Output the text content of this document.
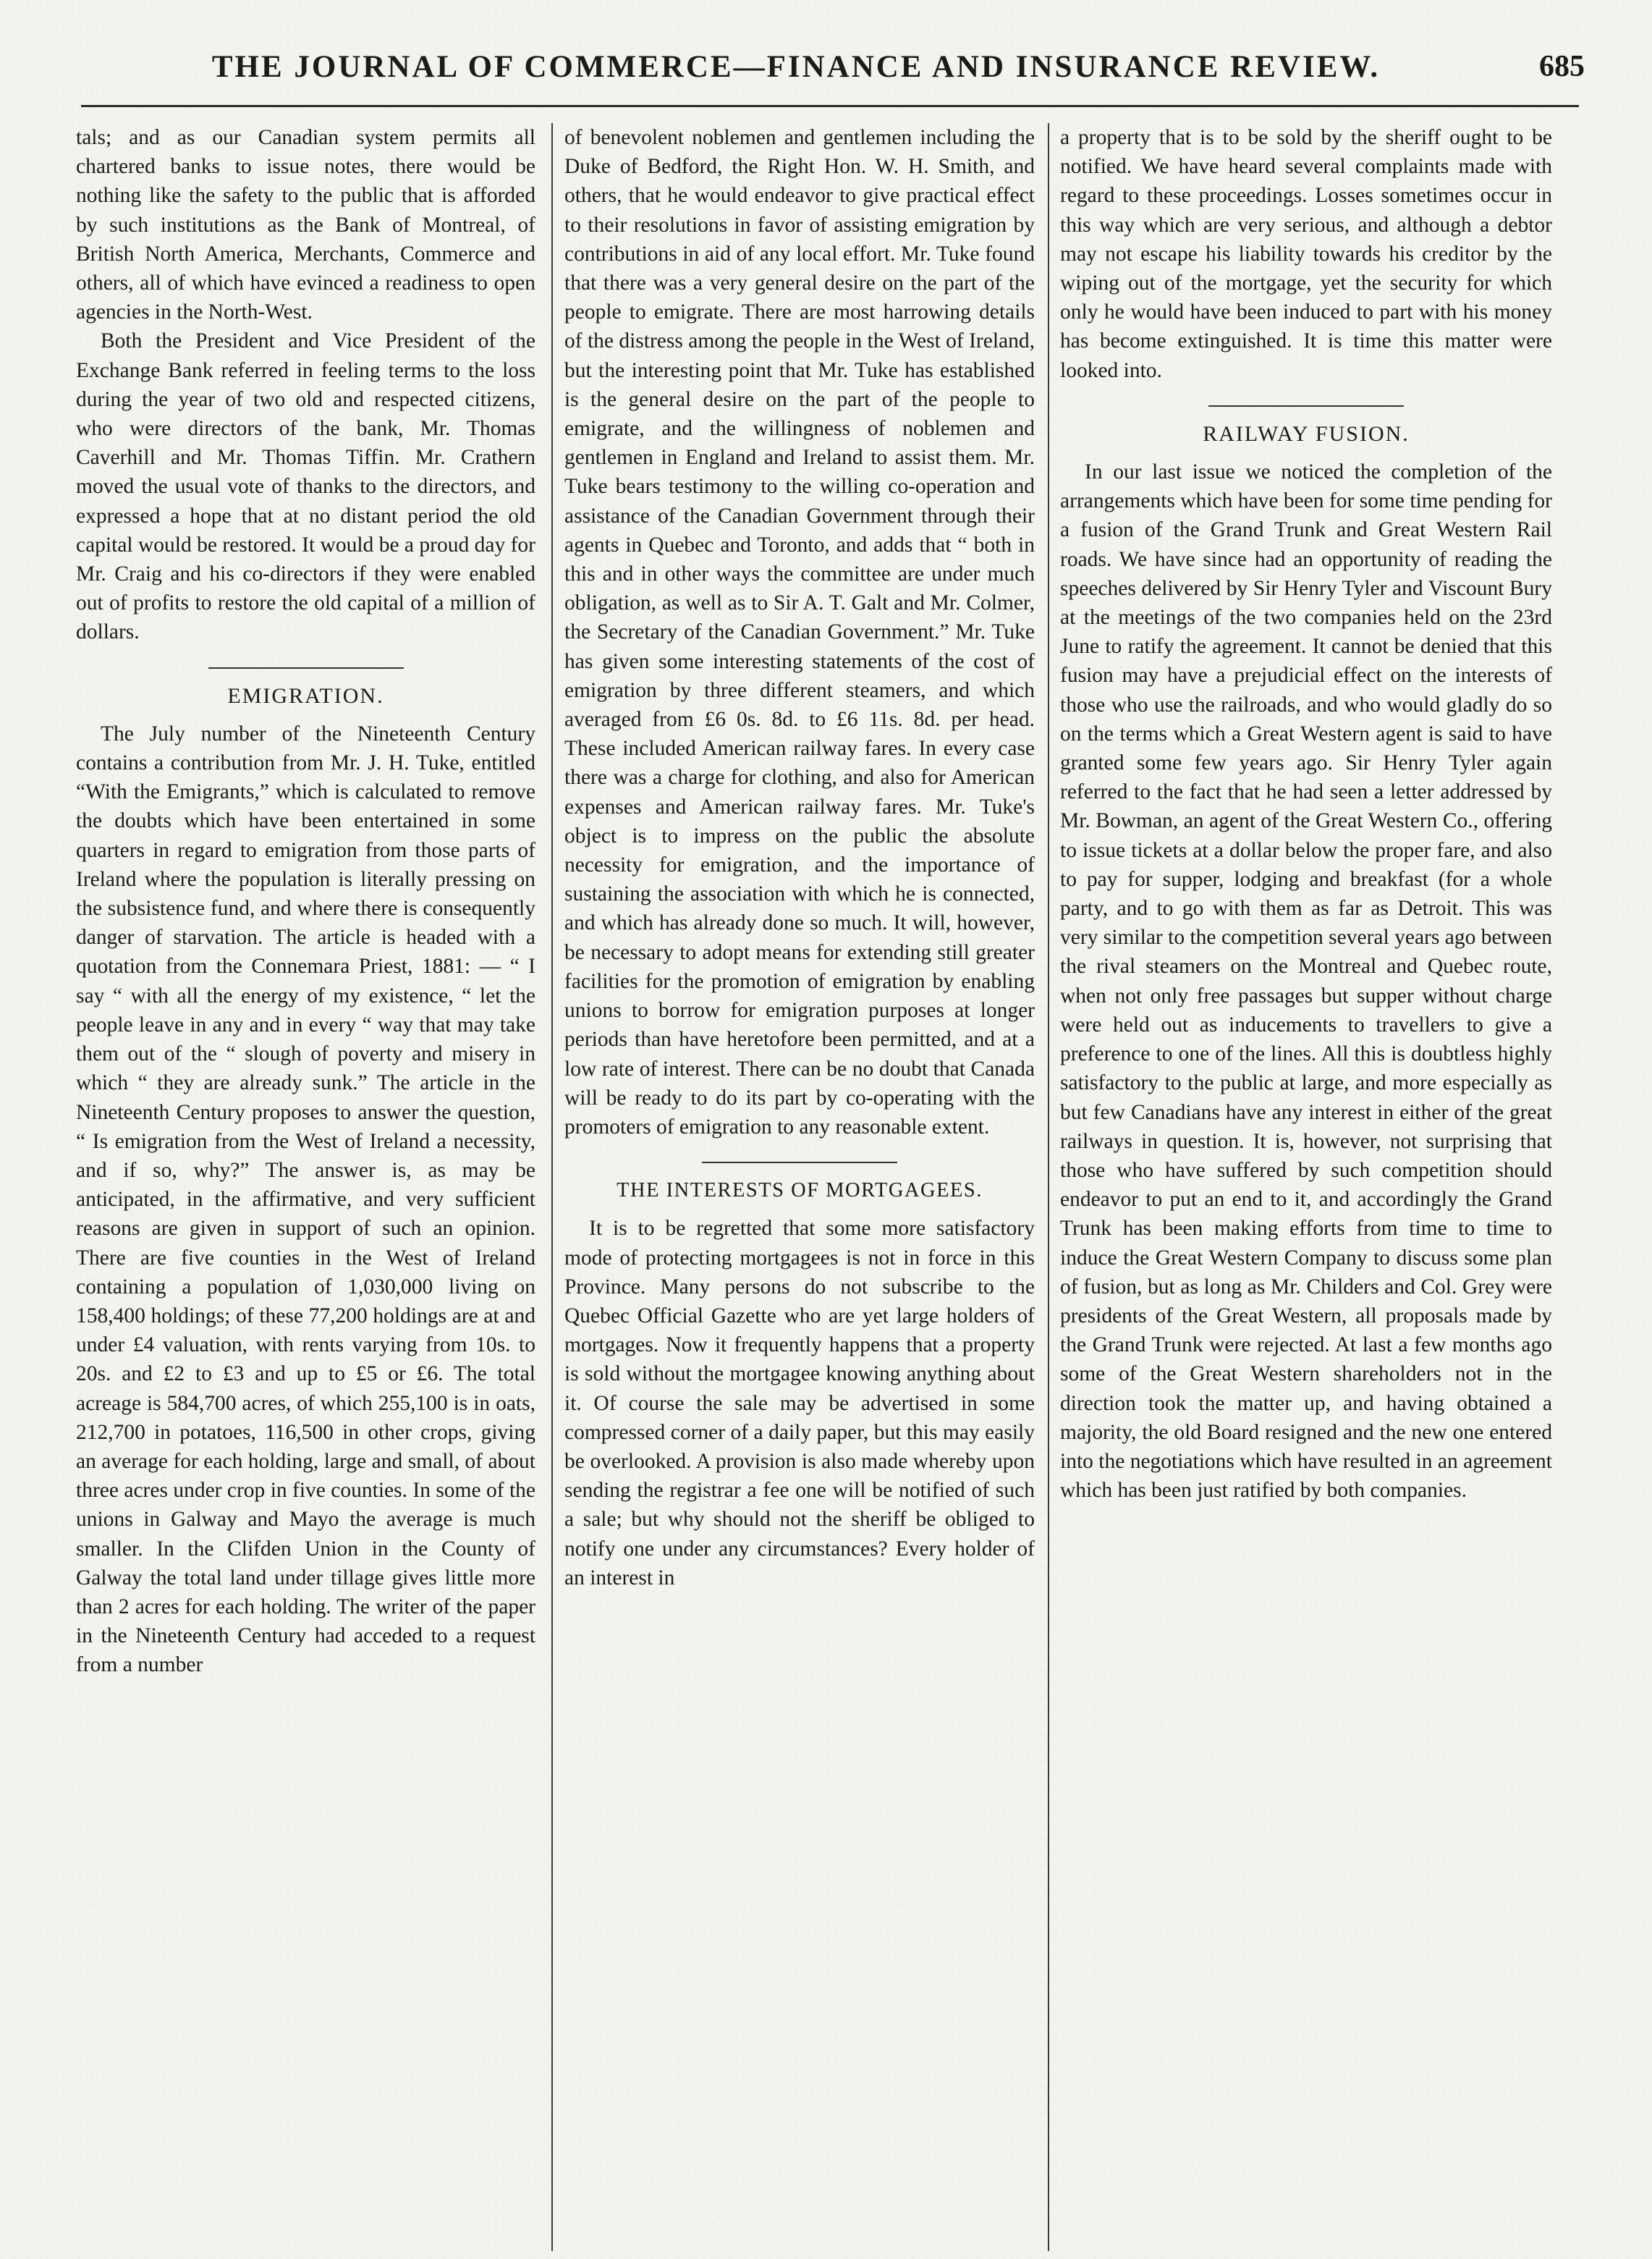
THE JOURNAL OF COMMERCE—FINANCE AND INSURANCE REVIEW.	685

tals; and as our Canadian system permits all chartered banks to issue notes, there would be nothing like the safety to the public that is afforded by such institutions as the Bank of Montreal, of British North America, Merchants, Commerce and others, all of which have evinced a readiness to open agencies in the North-West.

Both the President and Vice President of the Exchange Bank referred in feeling terms to the loss during the year of two old and respected citizens, who were directors of the bank, Mr. Thomas Caverhill and Mr. Thomas Tiffin. Mr. Crathern moved the usual vote of thanks to the directors, and expressed a hope that at no distant period the old capital would be restored. It would be a proud day for Mr. Craig and his co-directors if they were enabled out of profits to restore the old capital of a million of dollars.

EMIGRATION.

The July number of the Nineteenth Century contains a contribution from Mr. J. H. Tuke, entitled “With the Emigrants,” which is calculated to remove the doubts which have been entertained in some quarters in regard to emigration from those parts of Ireland where the population is literally pressing on the subsistence fund, and where there is consequently danger of starvation. The article is headed with a quotation from the Connemara Priest, 1881: — “ I say “ with all the energy of my existence, “ let the people leave in any and in every “ way that may take them out of the “ slough of poverty and misery in which “ they are already sunk.” The article in the Nineteenth Century proposes to answer the question, “ Is emigration from the West of Ireland a necessity, and if so, why?” The answer is, as may be anticipated, in the affirmative, and very sufficient reasons are given in support of such an opinion. There are five counties in the West of Ireland containing a population of 1,030,000 living on 158,400 holdings; of these 77,200 holdings are at and under £4 valuation, with rents varying from 10s. to 20s. and £2 to £3 and up to £5 or £6. The total acreage is 584,700 acres, of which 255,100 is in oats, 212,700 in potatoes, 116,500 in other crops, giving an average for each holding, large and small, of about three acres under crop in five counties. In some of the unions in Galway and Mayo the average is much smaller. In the Clifden Union in the County of Galway the total land under tillage gives little more than 2 acres for each holding. The writer of the paper in the Nineteenth Century had acceded to a request from a number

of benevolent noblemen and gentlemen including the Duke of Bedford, the Right Hon. W. H. Smith, and others, that he would endeavor to give practical effect to their resolutions in favor of assisting emigration by contributions in aid of any local effort. Mr. Tuke found that there was a very general desire on the part of the people to emigrate. There are most harrowing details of the distress among the people in the West of Ireland, but the interesting point that Mr. Tuke has established is the general desire on the part of the people to emigrate, and the willingness of noblemen and gentlemen in England and Ireland to assist them. Mr. Tuke bears testimony to the willing co-operation and assistance of the Canadian Government through their agents in Quebec and Toronto, and adds that “ both in this and in other ways the committee are under much obligation, as well as to Sir A. T. Galt and Mr. Colmer, the Secretary of the Canadian Government.” Mr. Tuke has given some interesting statements of the cost of emigration by three different steamers, and which averaged from £6 0s. 8d. to £6 11s. 8d. per head. These included American railway fares. In every case there was a charge for clothing, and also for American expenses and American railway fares. Mr. Tuke's object is to impress on the public the absolute necessity for emigration, and the importance of sustaining the association with which he is connected, and which has already done so much. It will, however, be necessary to adopt means for extending still greater facilities for the promotion of emigration by enabling unions to borrow for emigration purposes at longer periods than have heretofore been permitted, and at a low rate of interest. There can be no doubt that Canada will be ready to do its part by co-operating with the promoters of emigration to any reasonable extent.

THE INTERESTS OF MORTGAGEES.

It is to be regretted that some more satisfactory mode of protecting mortgagees is not in force in this Province. Many persons do not subscribe to the Quebec Official Gazette who are yet large holders of mortgages. Now it frequently happens that a property is sold without the mortgagee knowing anything about it. Of course the sale may be advertised in some compressed corner of a daily paper, but this may easily be overlooked. A provision is also made whereby upon sending the registrar a fee one will be notified of such a sale; but why should not the sheriff be obliged to notify one under any circumstances? Every holder of an interest in

a property that is to be sold by the sheriff ought to be notified. We have heard several complaints made with regard to these proceedings. Losses sometimes occur in this way which are very serious, and although a debtor may not escape his liability towards his creditor by the wiping out of the mortgage, yet the security for which only he would have been induced to part with his money has become extinguished. It is time this matter were looked into.

RAILWAY FUSION.

In our last issue we noticed the completion of the arrangements which have been for some time pending for a fusion of the Grand Trunk and Great Western Rail roads. We have since had an opportunity of reading the speeches delivered by Sir Henry Tyler and Viscount Bury at the meetings of the two companies held on the 23rd June to ratify the agreement. It cannot be denied that this fusion may have a prejudicial effect on the interests of those who use the railroads, and who would gladly do so on the terms which a Great Western agent is said to have granted some few years ago. Sir Henry Tyler again referred to the fact that he had seen a letter addressed by Mr. Bowman, an agent of the Great Western Co., offering to issue tickets at a dollar below the proper fare, and also to pay for supper, lodging and breakfast (for a whole party, and to go with them as far as Detroit. This was very similar to the competition several years ago between the rival steamers on the Montreal and Quebec route, when not only free passages but supper without charge were held out as inducements to travellers to give a preference to one of the lines. All this is doubtless highly satisfactory to the public at large, and more especially as but few Canadians have any interest in either of the great railways in question. It is, however, not surprising that those who have suffered by such competition should endeavor to put an end to it, and accordingly the Grand Trunk has been making efforts from time to time to induce the Great Western Company to discuss some plan of fusion, but as long as Mr. Childers and Col. Grey were presidents of the Great Western, all proposals made by the Grand Trunk were rejected. At last a few months ago some of the Great Western shareholders not in the direction took the matter up, and having obtained a majority, the old Board resigned and the new one entered into the negotiations which have resulted in an agreement which has been just ratified by both companies.
